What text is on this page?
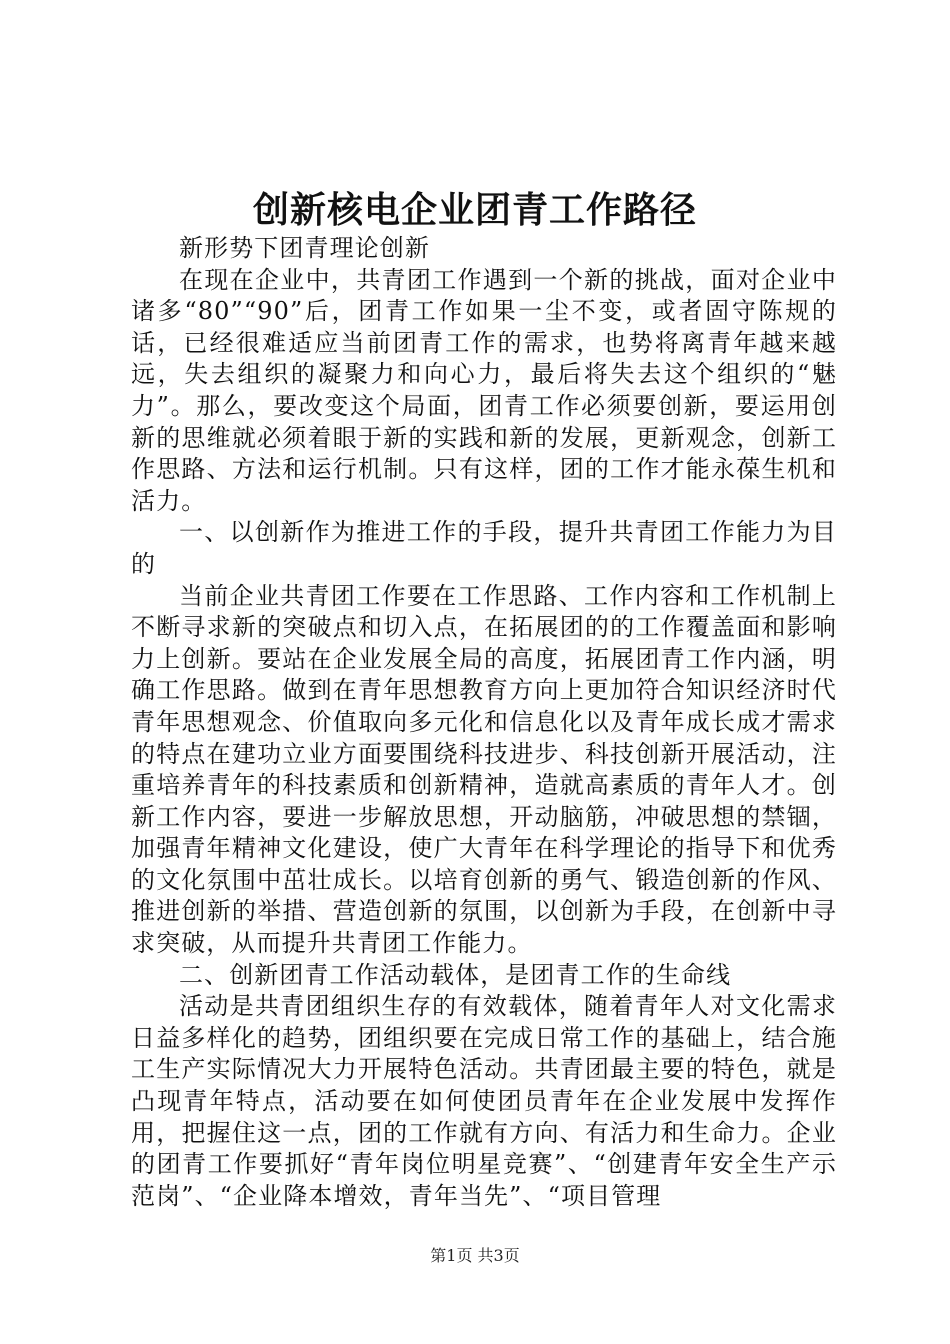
创新核电企业团青工作路径

新形势下团青理论创新

在现在企业中，共青团工作遇到一个新的挑战，面对企业中诸多“80”“90”后，团青工作如果一尘不变，或者固守陈规的话，已经很难适应当前团青工作的需求，也势将离青年越来越远，失去组织的凝聚力和向心力，最后将失去这个组织的“魅力”。那么，要改变这个局面，团青工作必须要创新，要运用创新的思维就必须着眼于新的实践和新的发展，更新观念，创新工作思路、方法和运行机制。只有这样，团的工作才能永葆生机和活力。

一、以创新作为推进工作的手段，提升共青团工作能力为目的

当前企业共青团工作要在工作思路、工作内容和工作机制上不断寻求新的突破点和切入点，在拓展团的的工作覆盖面和影响力上创新。要站在企业发展全局的高度，拓展团青工作内涵，明确工作思路。做到在青年思想教育方向上更加符合知识经济时代青年思想观念、价值取向多元化和信息化以及青年成长成才需求的特点在建功立业方面要围绕科技进步、科技创新开展活动，注重培养青年的科技素质和创新精神，造就高素质的青年人才。创新工作内容，要进一步解放思想，开动脑筋，冲破思想的禁锢，加强青年精神文化建设，使广大青年在科学理论的指导下和优秀的文化氛围中茁壮成长。以培育创新的勇气、锻造创新的作风、推进创新的举措、营造创新的氛围，以创新为手段，在创新中寻求突破，从而提升共青团工作能力。

二、创新团青工作活动载体，是团青工作的生命线

活动是共青团组织生存的有效载体，随着青年人对文化需求日益多样化的趋势，团组织要在完成日常工作的基础上，结合施工生产实际情况大力开展特色活动。共青团最主要的特色，就是凸现青年特点，活动要在如何使团员青年在企业发展中发挥作用，把握住这一点，团的工作就有方向、有活力和生命力。企业的团青工作要抓好“青年岗位明星竞赛”、“创建青年安全生产示范岗”、“企业降本增效，青年当先”、“项目管理

第1页 共3页
